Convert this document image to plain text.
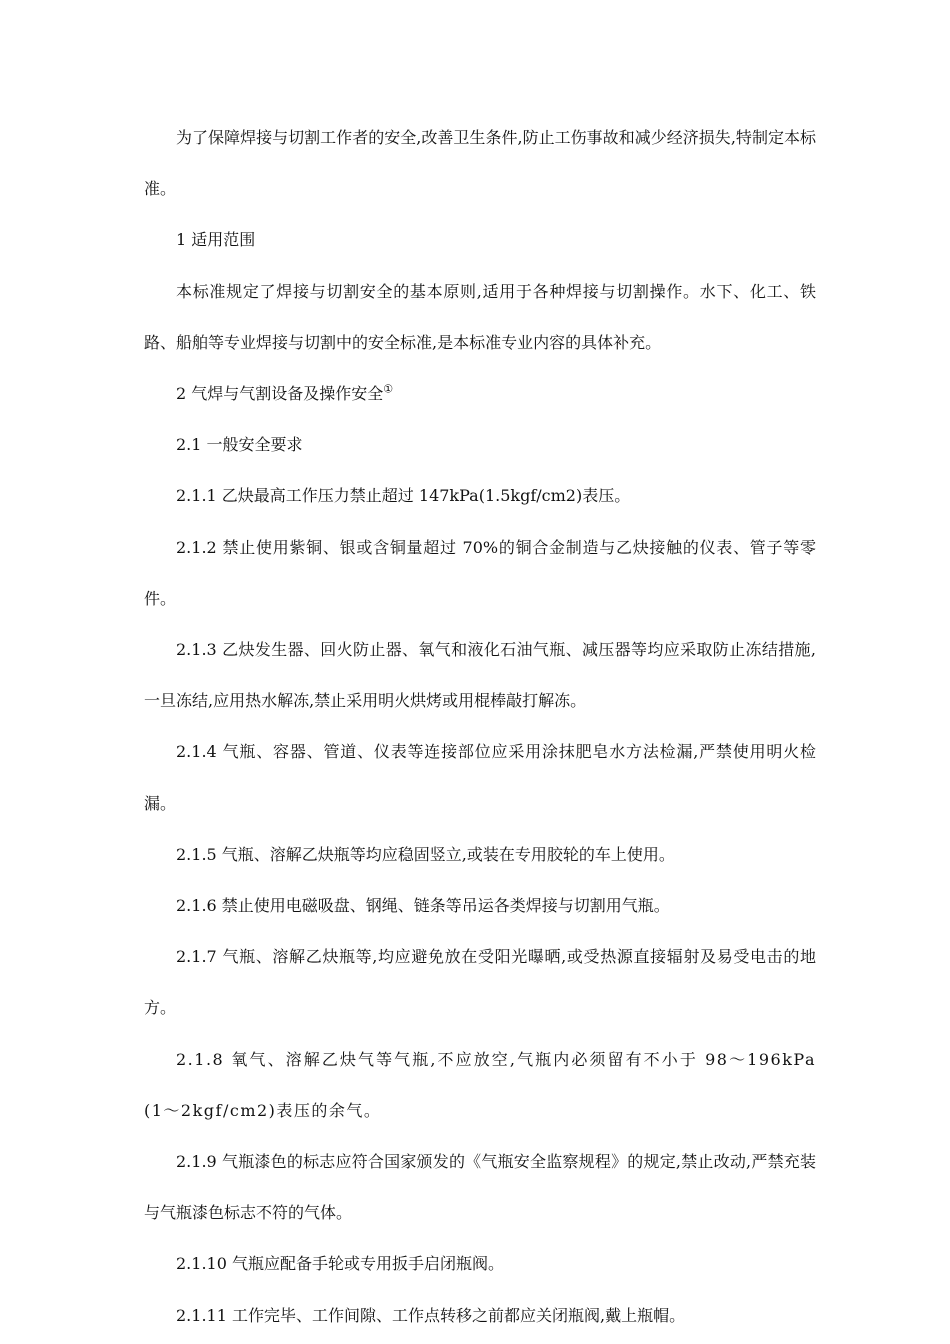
为了保障焊接与切割工作者的安全,改善卫生条件,防止工伤事故和减少经济损失,特制定本标准。

1 适用范围

本标准规定了焊接与切割安全的基本原则,适用于各种焊接与切割操作。水下、化工、铁路、船舶等专业焊接与切割中的安全标准,是本标准专业内容的具体补充。

2 气焊与气割设备及操作安全①

2.1 一般安全要求

2.1.1 乙炔最高工作压力禁止超过 147kPa(1.5kgf/cm2)表压。

2.1.2 禁止使用紫铜、银或含铜量超过 70%的铜合金制造与乙炔接触的仪表、管子等零件。

2.1.3 乙炔发生器、回火防止器、氧气和液化石油气瓶、减压器等均应采取防止冻结措施,一旦冻结,应用热水解冻,禁止采用明火烘烤或用棍棒敲打解冻。

2.1.4 气瓶、容器、管道、仪表等连接部位应采用涂抹肥皂水方法检漏,严禁使用明火检漏。

2.1.5 气瓶、溶解乙炔瓶等均应稳固竖立,或装在专用胶轮的车上使用。

2.1.6 禁止使用电磁吸盘、钢绳、链条等吊运各类焊接与切割用气瓶。

2.1.7 气瓶、溶解乙炔瓶等,均应避免放在受阳光曝晒,或受热源直接辐射及易受电击的地方。

2.1.8 氧气、溶解乙炔气等气瓶,不应放空,气瓶内必须留有不小于 98～196kPa(1～2kgf/cm2)表压的余气。

2.1.9 气瓶漆色的标志应符合国家颁发的《气瓶安全监察规程》的规定,禁止改动,严禁充装与气瓶漆色标志不符的气体。

2.1.10 气瓶应配备手轮或专用扳手启闭瓶阀。

2.1.11 工作完毕、工作间隙、工作点转移之前都应关闭瓶阀,戴上瓶帽。
